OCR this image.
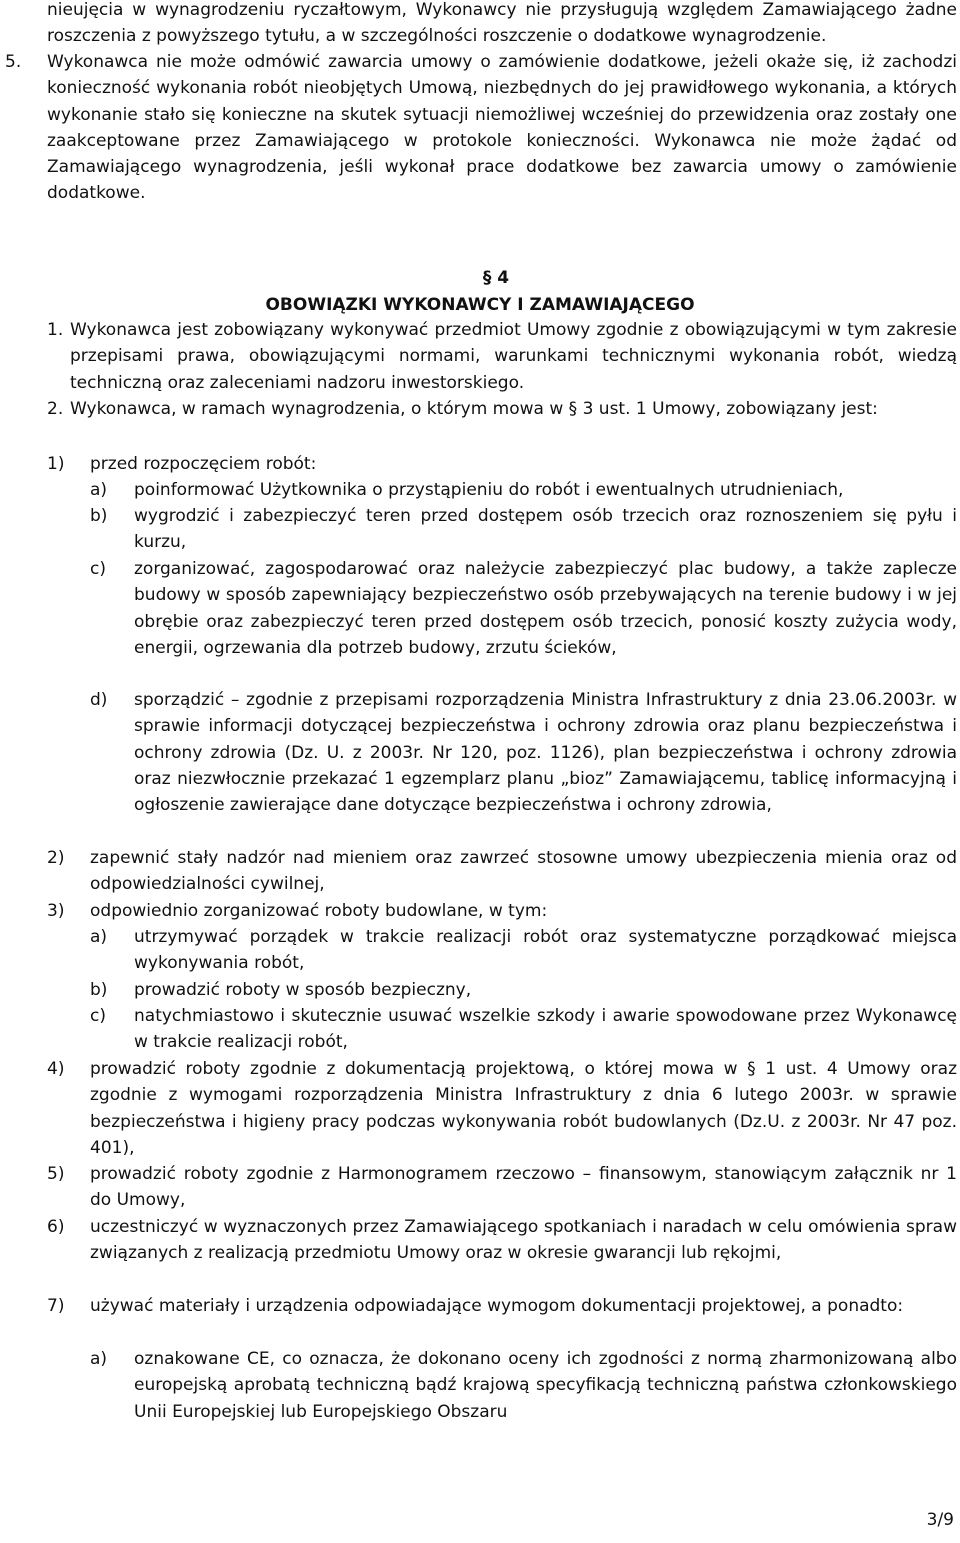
nieujęcia w wynagrodzeniu ryczałtowym, Wykonawcy nie przysługują względem Zamawiającego żadne roszczenia z powyższego tytułu, a w szczególności roszczenie o dodatkowe wynagrodzenie.

5. Wykonawca nie może odmówić zawarcia umowy o zamówienie dodatkowe, jeżeli okaże się, iż zachodzi konieczność wykonania robót nieobjętych Umową, niezbędnych do jej prawidłowego wykonania, a których wykonanie stało się konieczne na skutek sytuacji niemożliwej wcześniej do przewidzenia oraz zostały one zaakceptowane przez Zamawiającego w protokole konieczności. Wykonawca nie może żądać od Zamawiającego wynagrodzenia, jeśli wykonał prace dodatkowe bez zawarcia umowy o zamówienie dodatkowe.

§ 4

OBOWIĄZKI WYKONAWCY I ZAMAWIAJĄCEGO

1. Wykonawca jest zobowiązany wykonywać przedmiot Umowy zgodnie z obowiązującymi w tym zakresie przepisami prawa, obowiązującymi normami, warunkami technicznymi wykonania robót, wiedzą techniczną oraz zaleceniami nadzoru inwestorskiego.

2. Wykonawca, w ramach wynagrodzenia, o którym mowa w § 3 ust. 1 Umowy, zobowiązany jest:

1) przed rozpoczęciem robót:

a) poinformować Użytkownika o przystąpieniu do robót i ewentualnych utrudnieniach,

b) wygrodzić i zabezpieczyć teren przed dostępem osób trzecich oraz roznoszeniem się pyłu i kurzu,

c) zorganizować, zagospodarować oraz należycie zabezpieczyć plac budowy, a także zaplecze budowy w sposób zapewniający bezpieczeństwo osób przebywających na terenie budowy i w jej obrębie oraz zabezpieczyć teren przed dostępem osób trzecich, ponosić koszty zużycia wody, energii, ogrzewania dla potrzeb budowy, zrzutu ścieków,

d) sporządzić – zgodnie z przepisami rozporządzenia Ministra Infrastruktury z dnia 23.06.2003r. w sprawie informacji dotyczącej bezpieczeństwa i ochrony zdrowia oraz planu bezpieczeństwa i ochrony zdrowia (Dz. U. z 2003r. Nr 120, poz. 1126), plan bezpieczeństwa i ochrony zdrowia oraz niezwłocznie przekazać 1 egzemplarz planu „bioz” Zamawiającemu, tablicę informacyjną i ogłoszenie zawierające dane dotyczące bezpieczeństwa i ochrony zdrowia,

2) zapewnić stały nadzór nad mieniem oraz zawrzeć stosowne umowy ubezpieczenia mienia oraz od odpowiedzialności cywilnej,

3) odpowiednio zorganizować roboty budowlane, w tym:

a) utrzymywać porządek w trakcie realizacji robót oraz systematyczne porządkować miejsca wykonywania robót,

b) prowadzić roboty w sposób bezpieczny,

c) natychmiastowo i skutecznie usuwać wszelkie szkody i awarie spowodowane przez Wykonawcę w trakcie realizacji robót,

4) prowadzić roboty zgodnie z dokumentacją projektową, o której mowa w § 1 ust. 4 Umowy oraz zgodnie z wymogami rozporządzenia Ministra Infrastruktury z dnia 6 lutego 2003r. w sprawie bezpieczeństwa i higieny pracy podczas wykonywania robót budowlanych (Dz.U. z 2003r. Nr 47 poz. 401),

5) prowadzić roboty zgodnie z Harmonogramem rzeczowo – finansowym, stanowiącym załącznik nr 1 do Umowy,

6) uczestniczyć w wyznaczonych przez Zamawiającego spotkaniach i naradach w celu omówienia spraw związanych z realizacją przedmiotu Umowy oraz w okresie gwarancji lub rękojmi,

7) używać materiały i urządzenia odpowiadające wymogom dokumentacji projektowej, a ponadto:

a) oznakowane CE, co oznacza, że dokonano oceny ich zgodności z normą zharmonizowaną albo europejską aprobatą techniczną bądź krajową specyfikacją techniczną państwa członkowskiego Unii Europejskiej lub Europejskiego Obszaru

3/9
